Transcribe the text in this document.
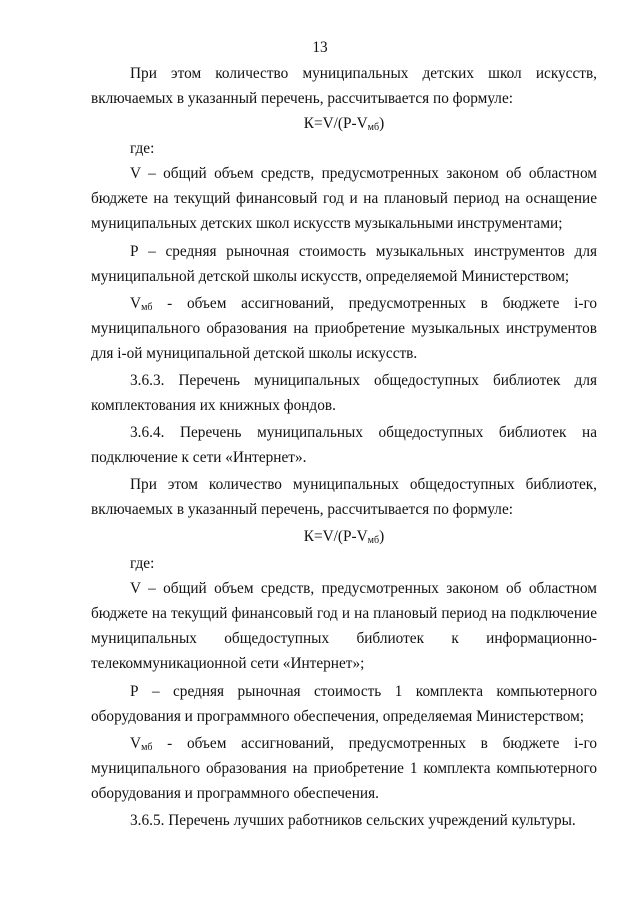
13
При этом количество муниципальных детских школ искусств,
включаемых в указанный перечень, рассчитывается по формуле:
$К=V/(P-V_{мб})$
где:
V – общий объем средств, предусмотренных законом об областном
бюджете на текущий финансовый год и на плановый период на оснащение
муниципальных детских школ искусств музыкальными инструментами;
Р – средняя рыночная стоимость музыкальных инструментов для
муниципальной детской школы искусств, определяемой Министерством;
$V_{мб}$ - объем ассигнований, предусмотренных в бюджете i-го
муниципального образования на приобретение музыкальных инструментов
для i-ой муниципальной детской школы искусств.
3.6.3. Перечень муниципальных общедоступных библиотек для
комплектования их книжных фондов.
3.6.4. Перечень муниципальных общедоступных библиотек на
подключение к сети «Интернет».
При этом количество муниципальных общедоступных библиотек,
включаемых в указанный перечень, рассчитывается по формуле:
$К=V/(P-V_{мб})$
где:
V – общий объем средств, предусмотренных законом об областном
бюджете на текущий финансовый год и на плановый период на подключение
муниципальных общедоступных библиотек к информационно-
телекоммуникационной сети «Интернет»;
Р – средняя рыночная стоимость 1 комплекта компьютерного
оборудования и программного обеспечения, определяемая Министерством;
$V_{мб}$ - объем ассигнований, предусмотренных в бюджете i-го
муниципального образования на приобретение 1 комплекта компьютерного
оборудования и программного обеспечения.
3.6.5. Перечень лучших работников сельских учреждений культуры.
